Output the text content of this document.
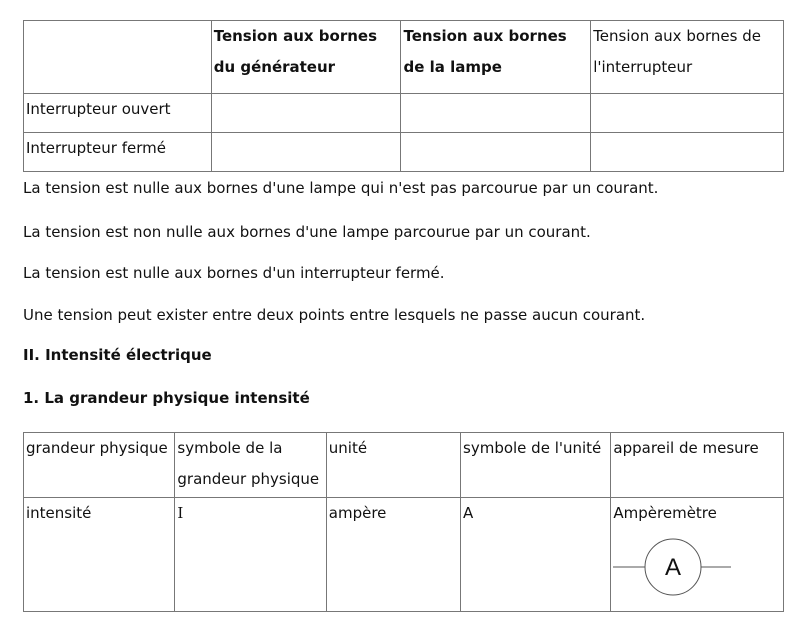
	Tension aux bornes du générateur	Tension aux bornes de la lampe	Tension aux bornes de l'interrupteur
Interrupteur ouvert			
Interrupteur fermé			

La tension est nulle aux bornes d'une lampe qui n'est pas parcourue par un courant.

La tension est non nulle aux bornes d'une lampe parcourue par un courant.

La tension est nulle aux bornes d'un interrupteur fermé.

Une tension peut exister entre deux points entre lesquels ne passe aucun courant.

II. Intensité électrique

1. La grandeur physique intensité

grandeur physique	symbole de la grandeur physique	unité	symbole de l'unité	appareil de mesure
intensité	I	ampère	A	Ampèremètre
A
